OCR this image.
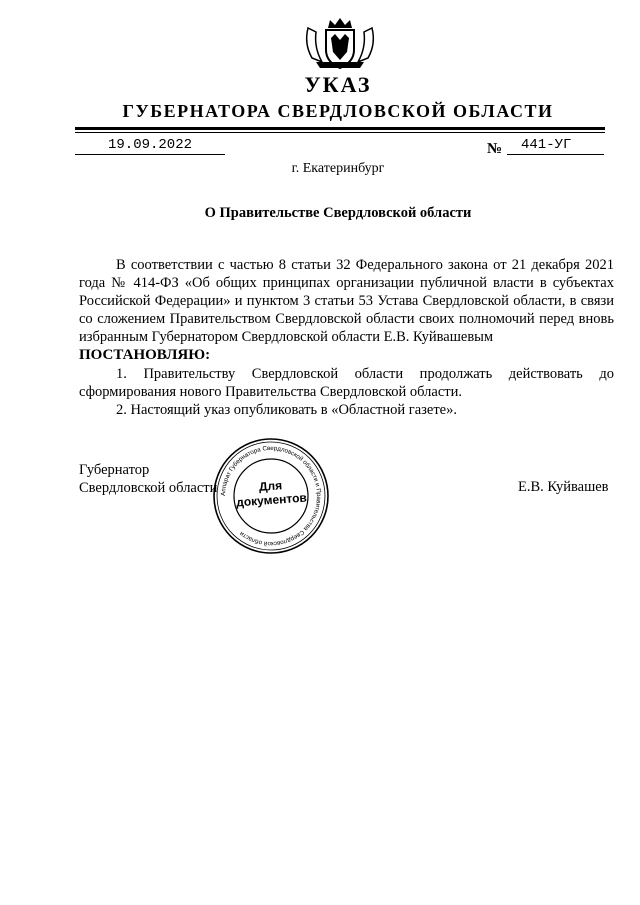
УКАЗ
ГУБЕРНАТОРА СВЕРДЛОВСКОЙ ОБЛАСТИ
19.09.2022	№	441-УГ
г. Екатеринбург
О Правительстве Свердловской области

В соответствии с частью 8 статьи 32 Федерального закона от 21 декабря 2021 года № 414-ФЗ «Об общих принципах организации публичной власти в субъектах Российской Федерации» и пунктом 3 статьи 53 Устава Свердловской области, в связи со сложением Правительством Свердловской области своих полномочий перед вновь избранным Губернатором Свердловской области Е.В. Куйвашевым

ПОСТАНОВЛЯЮ:

1. Правительству Свердловской области продолжать действовать до сформирования нового Правительства Свердловской области.

2. Настоящий указ опубликовать в «Областной газете».

Губернатор
Свердловской области Аппарат Губернатора Свердловской области и Правительства Свердловской области
Для
документов
Е.В. Куйвашев
